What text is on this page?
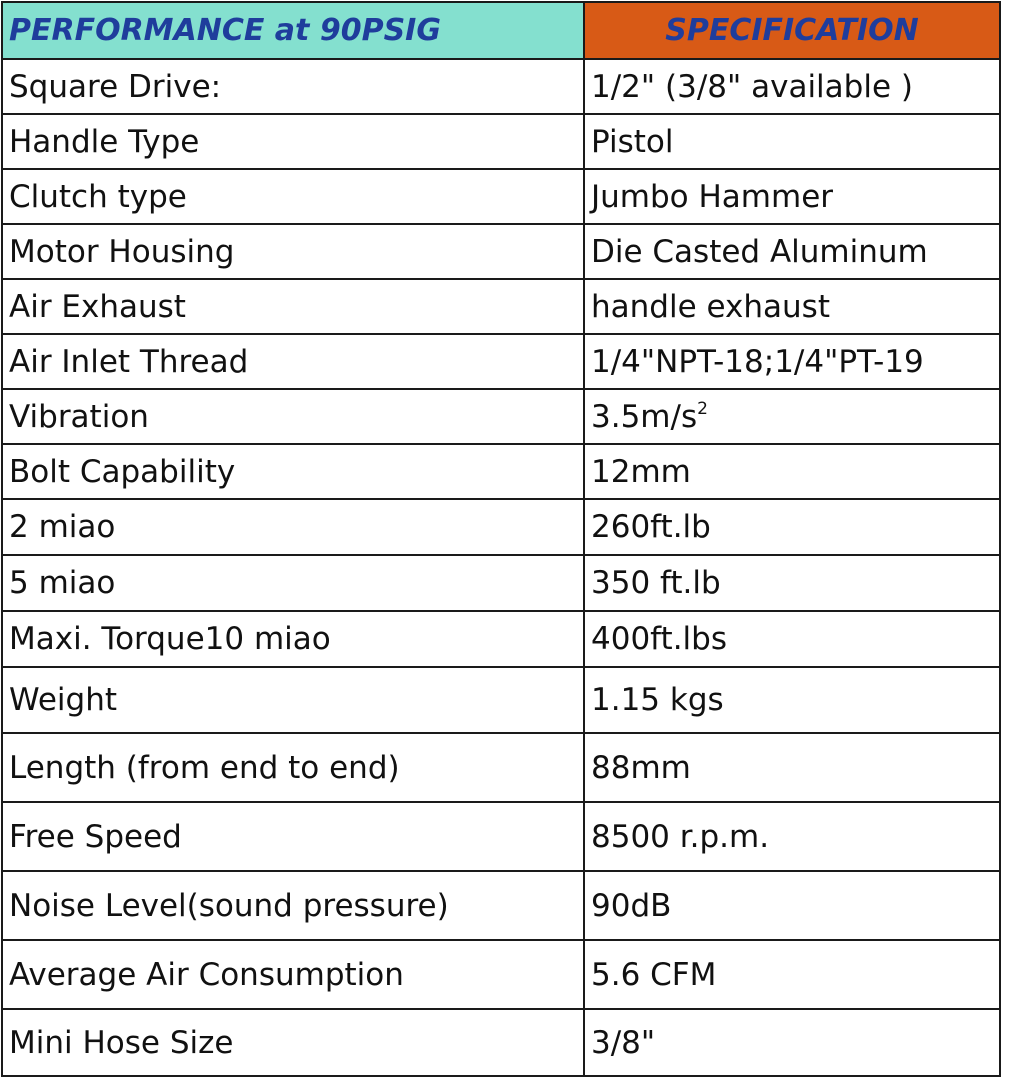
PERFORMANCE at 90PSIG	SPECIFICATION
Square Drive:	1/2" (3/8" available )
Handle Type	Pistol
Clutch type	Jumbo Hammer
Motor Housing	Die Casted Aluminum
Air Exhaust	handle exhaust
Air Inlet Thread	1/4"NPT-18;1/4"PT-19
Vibration	$3.5m/s^2$
Bolt Capability	12mm
2 miao	260ft.lb
5 miao	350 ft.lb
Maxi. Torque10 miao	400ft.lbs
Weight	1.15 kgs
Length (from end to end)	88mm
Free Speed	8500 r.p.m.
Noise Level(sound pressure)	90dB
Average Air Consumption	5.6 CFM
Mini Hose Size	3/8"
